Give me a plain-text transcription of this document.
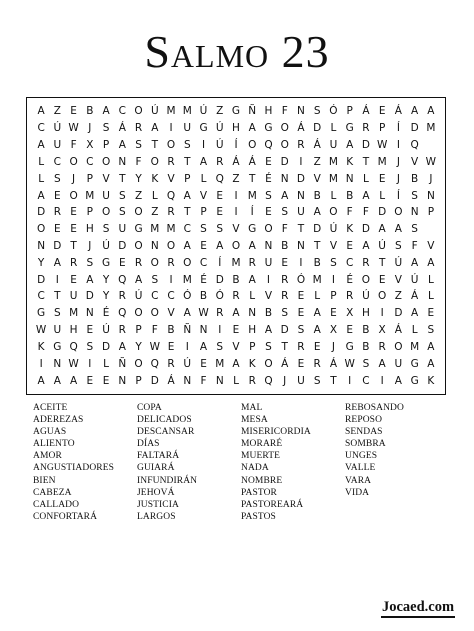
Salmo 23
A Z E B A C O Ú M M Ú Z G Ñ H F N S Ó P Á E Á A A
C Ú W J	S Á R A	I	U G Ú H A G O Á D L G R P	Í	D M
A U F X P A S T O S	I	Ú	Í	O Q O R Á U A D W I	Q
L C O C O N F O R T A R Á Á E D	I	Z M K T M J	V W
L S	J	P V T Y K V P L Q Z T É N D V M N L E	J	B	J
A E O M U S Z L Q A V E	I M S A N B L B A L	Í	S N
D R E P O S O Z R T P E	I	Í	E S U A O F F D O N P
O E E H S U G M M C S S V G O F T D Ú K D A A S
N D T	J	Ú D O N O A E A O A N B N T V E A Ú S F V
Y A R S G E R O R O C	Í M R U E	I	B S C R T Ú A A
D	I	E A Y Q A S	I M É D B A	I	R Ó M I	É O E V Ú L
C T U D Y R Ú C C Ó B Ó R L V R E L P R Ú O Z Á L
G S M N É Q O O V A W R A N B S E A E X H	I	D A E
W U H E Ú R P F B Ñ N	I	E H A D S A X E B X Á L S
K G Q S D A Y W E	I	A S V P S T R E	J	G B R O M A
I	N W I	L Ñ O Q R Ú E M A K O Á E R Á W S A U G A
A A A E E N P D Á N F N L R Q	J	U S T	I	C	I	A G K
ACEITE
ADEREZAS
AGUAS
ALIENTO
AMOR
ANGUSTIADORES
BIEN
CABEZA
CALLADO
CONFORTARÁ
COPA
DELICADOS
DESCANSAR
DÍAS
FALTARÁ
GUIARÁ
INFUNDIRÁN
JEHOVÁ
JUSTICIA
LARGOS
MAL
MESA
MISERICORDIA
MORARÉ
MUERTE
NADA
NOMBRE
PASTOR
PASTOREARÁ
PASTOS
REBOSANDO
REPOSO
SENDAS
SOMBRA
UNGES
VALLE
VARA
VIDA
Jocaed.com
